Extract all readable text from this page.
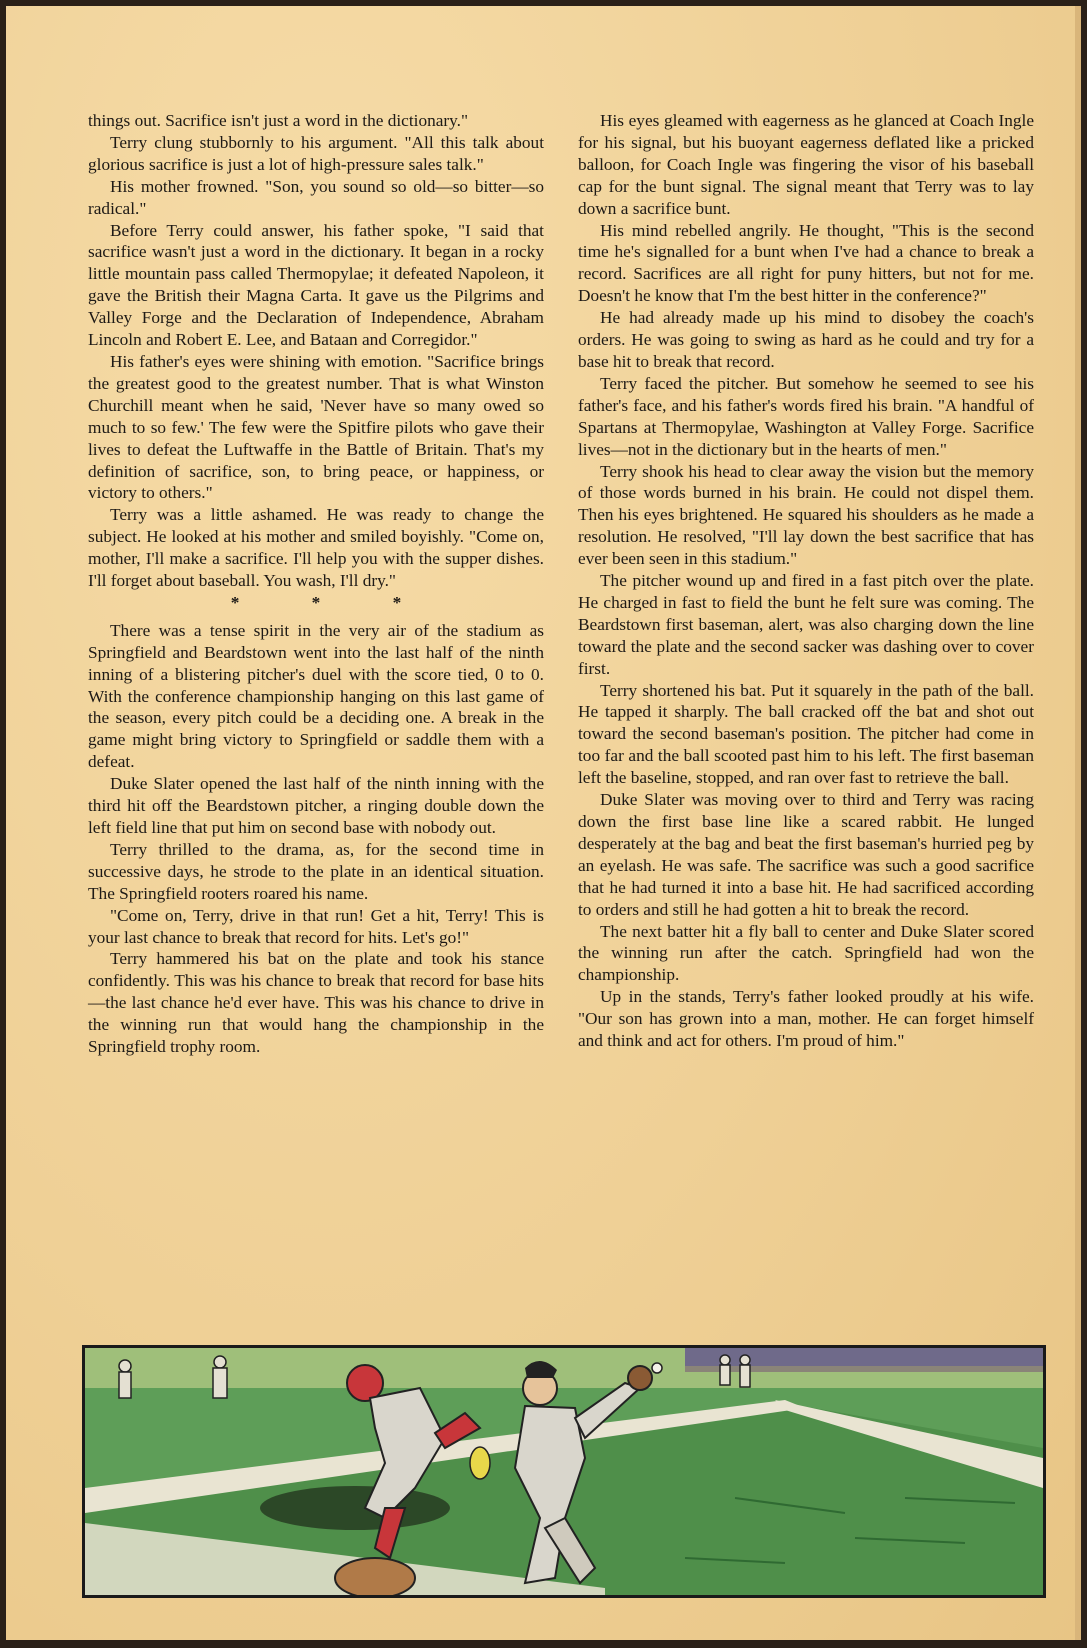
things out. Sacrifice isn't just a word in the dictionary."

Terry clung stubbornly to his argument. "All this talk about glorious sacrifice is just a lot of high-pressure sales talk."

His mother frowned. "Son, you sound so old—so bitter—so radical."

Before Terry could answer, his father spoke, "I said that sacrifice wasn't just a word in the dictionary. It began in a rocky little mountain pass called Thermopylae; it defeated Napoleon, it gave the British their Magna Carta. It gave us the Pilgrims and Valley Forge and the Declaration of Independence, Abraham Lincoln and Robert E. Lee, and Bataan and Corregidor."

His father's eyes were shining with emotion. "Sacrifice brings the greatest good to the greatest number. That is what Winston Churchill meant when he said, 'Never have so many owed so much to so few.' The few were the Spitfire pilots who gave their lives to defeat the Luftwaffe in the Battle of Britain. That's my definition of sacrifice, son, to bring peace, or happiness, or victory to others."

Terry was a little ashamed. He was ready to change the subject. He looked at his mother and smiled boyishly. "Come on, mother, I'll make a sacrifice. I'll help you with the supper dishes. I'll forget about baseball. You wash, I'll dry."

* * *

There was a tense spirit in the very air of the stadium as Springfield and Beardstown went into the last half of the ninth inning of a blistering pitcher's duel with the score tied, 0 to 0. With the conference championship hanging on this last game of the season, every pitch could be a deciding one. A break in the game might bring victory to Springfield or saddle them with a defeat.

Duke Slater opened the last half of the ninth inning with the third hit off the Beardstown pitcher, a ringing double down the left field line that put him on second base with nobody out.

Terry thrilled to the drama, as, for the second time in successive days, he strode to the plate in an identical situation. The Springfield rooters roared his name.

"Come on, Terry, drive in that run! Get a hit, Terry! This is your last chance to break that record for hits. Let's go!"

Terry hammered his bat on the plate and took his stance confidently. This was his chance to break that record for base hits—the last chance he'd ever have. This was his chance to drive in the winning run that would hang the championship in the Springfield trophy room.

His eyes gleamed with eagerness as he glanced at Coach Ingle for his signal, but his buoyant eagerness deflated like a pricked balloon, for Coach Ingle was fingering the visor of his baseball cap for the bunt signal. The signal meant that Terry was to lay down a sacrifice bunt.

His mind rebelled angrily. He thought, "This is the second time he's signalled for a bunt when I've had a chance to break a record. Sacrifices are all right for puny hitters, but not for me. Doesn't he know that I'm the best hitter in the conference?"

He had already made up his mind to disobey the coach's orders. He was going to swing as hard as he could and try for a base hit to break that record.

Terry faced the pitcher. But somehow he seemed to see his father's face, and his father's words fired his brain. "A handful of Spartans at Thermopylae, Washington at Valley Forge. Sacrifice lives—not in the dictionary but in the hearts of men."

Terry shook his head to clear away the vision but the memory of those words burned in his brain. He could not dispel them. Then his eyes brightened. He squared his shoulders as he made a resolution. He resolved, "I'll lay down the best sacrifice that has ever been seen in this stadium."

The pitcher wound up and fired in a fast pitch over the plate. He charged in fast to field the bunt he felt sure was coming. The Beardstown first baseman, alert, was also charging down the line toward the plate and the second sacker was dashing over to cover first.

Terry shortened his bat. Put it squarely in the path of the ball. He tapped it sharply. The ball cracked off the bat and shot out toward the second baseman's position. The pitcher had come in too far and the ball scooted past him to his left. The first baseman left the baseline, stopped, and ran over fast to retrieve the ball.

Duke Slater was moving over to third and Terry was racing down the first base line like a scared rabbit. He lunged desperately at the bag and beat the first baseman's hurried peg by an eyelash. He was safe. The sacrifice was such a good sacrifice that he had turned it into a base hit. He had sacrificed according to orders and still he had gotten a hit to break the record.

The next batter hit a fly ball to center and Duke Slater scored the winning run after the catch. Springfield had won the championship.

Up in the stands, Terry's father looked proudly at his wife. "Our son has grown into a man, mother. He can forget himself and think and act for others. I'm proud of him."
